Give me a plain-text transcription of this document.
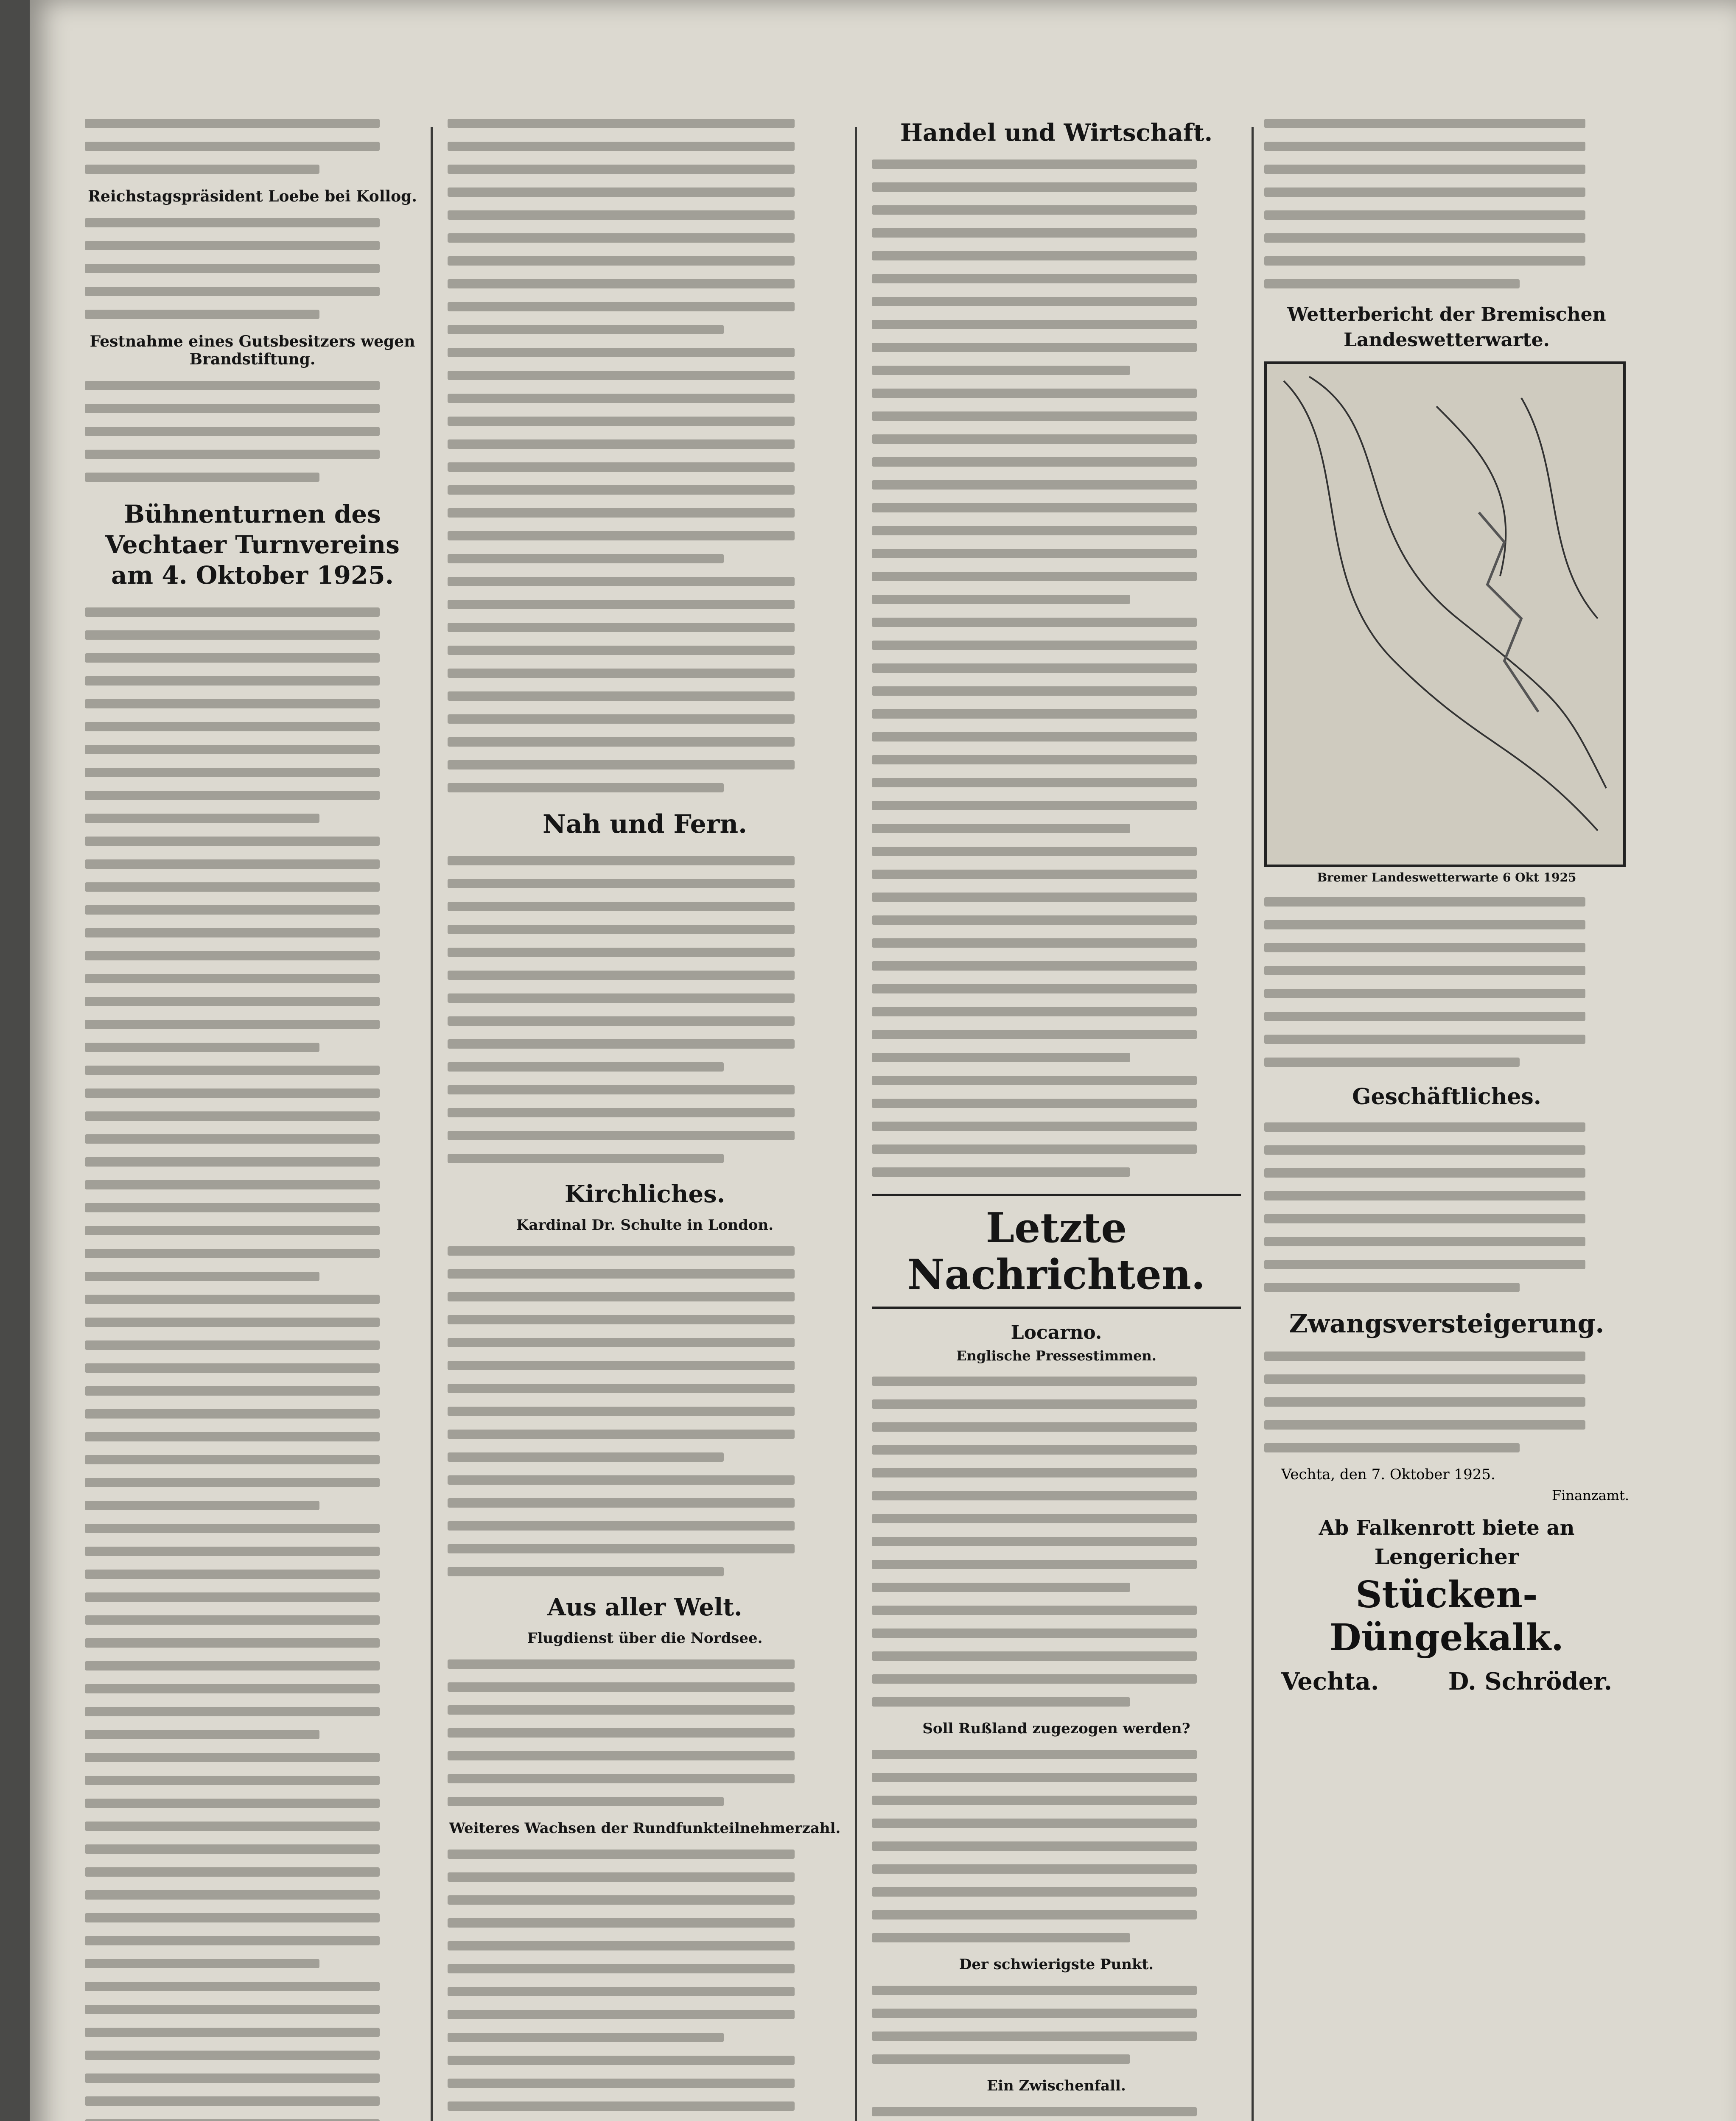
Reichstagspräsident Loebe bei Kollog.
Festnahme eines Gutsbesitzers wegen Brandstiftung.
Bühnenturnen des Vechtaer Turnvereins am 4. Oktober 1925.
Nah und Fern.
Kirchliches.
Kardinal Dr. Schulte in London.
Aus aller Welt.
Flugdienst über die Nordsee.
Weiteres Wachsen der Rundfunkteilnehmerzahl.
Handel und Wirtschaft.
Letzte Nachrichten.
Locarno.
Englische Pressestimmen.
Soll Rußland zugezogen werden?
Der schwierigste Punkt.
Ein Zwischenfall.
Wetterbericht der Bremischen Landeswetterwarte.
Bremer Landeswetterwarte 6 Okt 1925
Geschäftliches.
Zwangsversteigerung.
Vechta, den 7. Oktober 1925.
Finanzamt.
Ab Falkenrott biete an
Lengericher
Stücken-Düngekalk.
Vechta.	D. Schröder.
